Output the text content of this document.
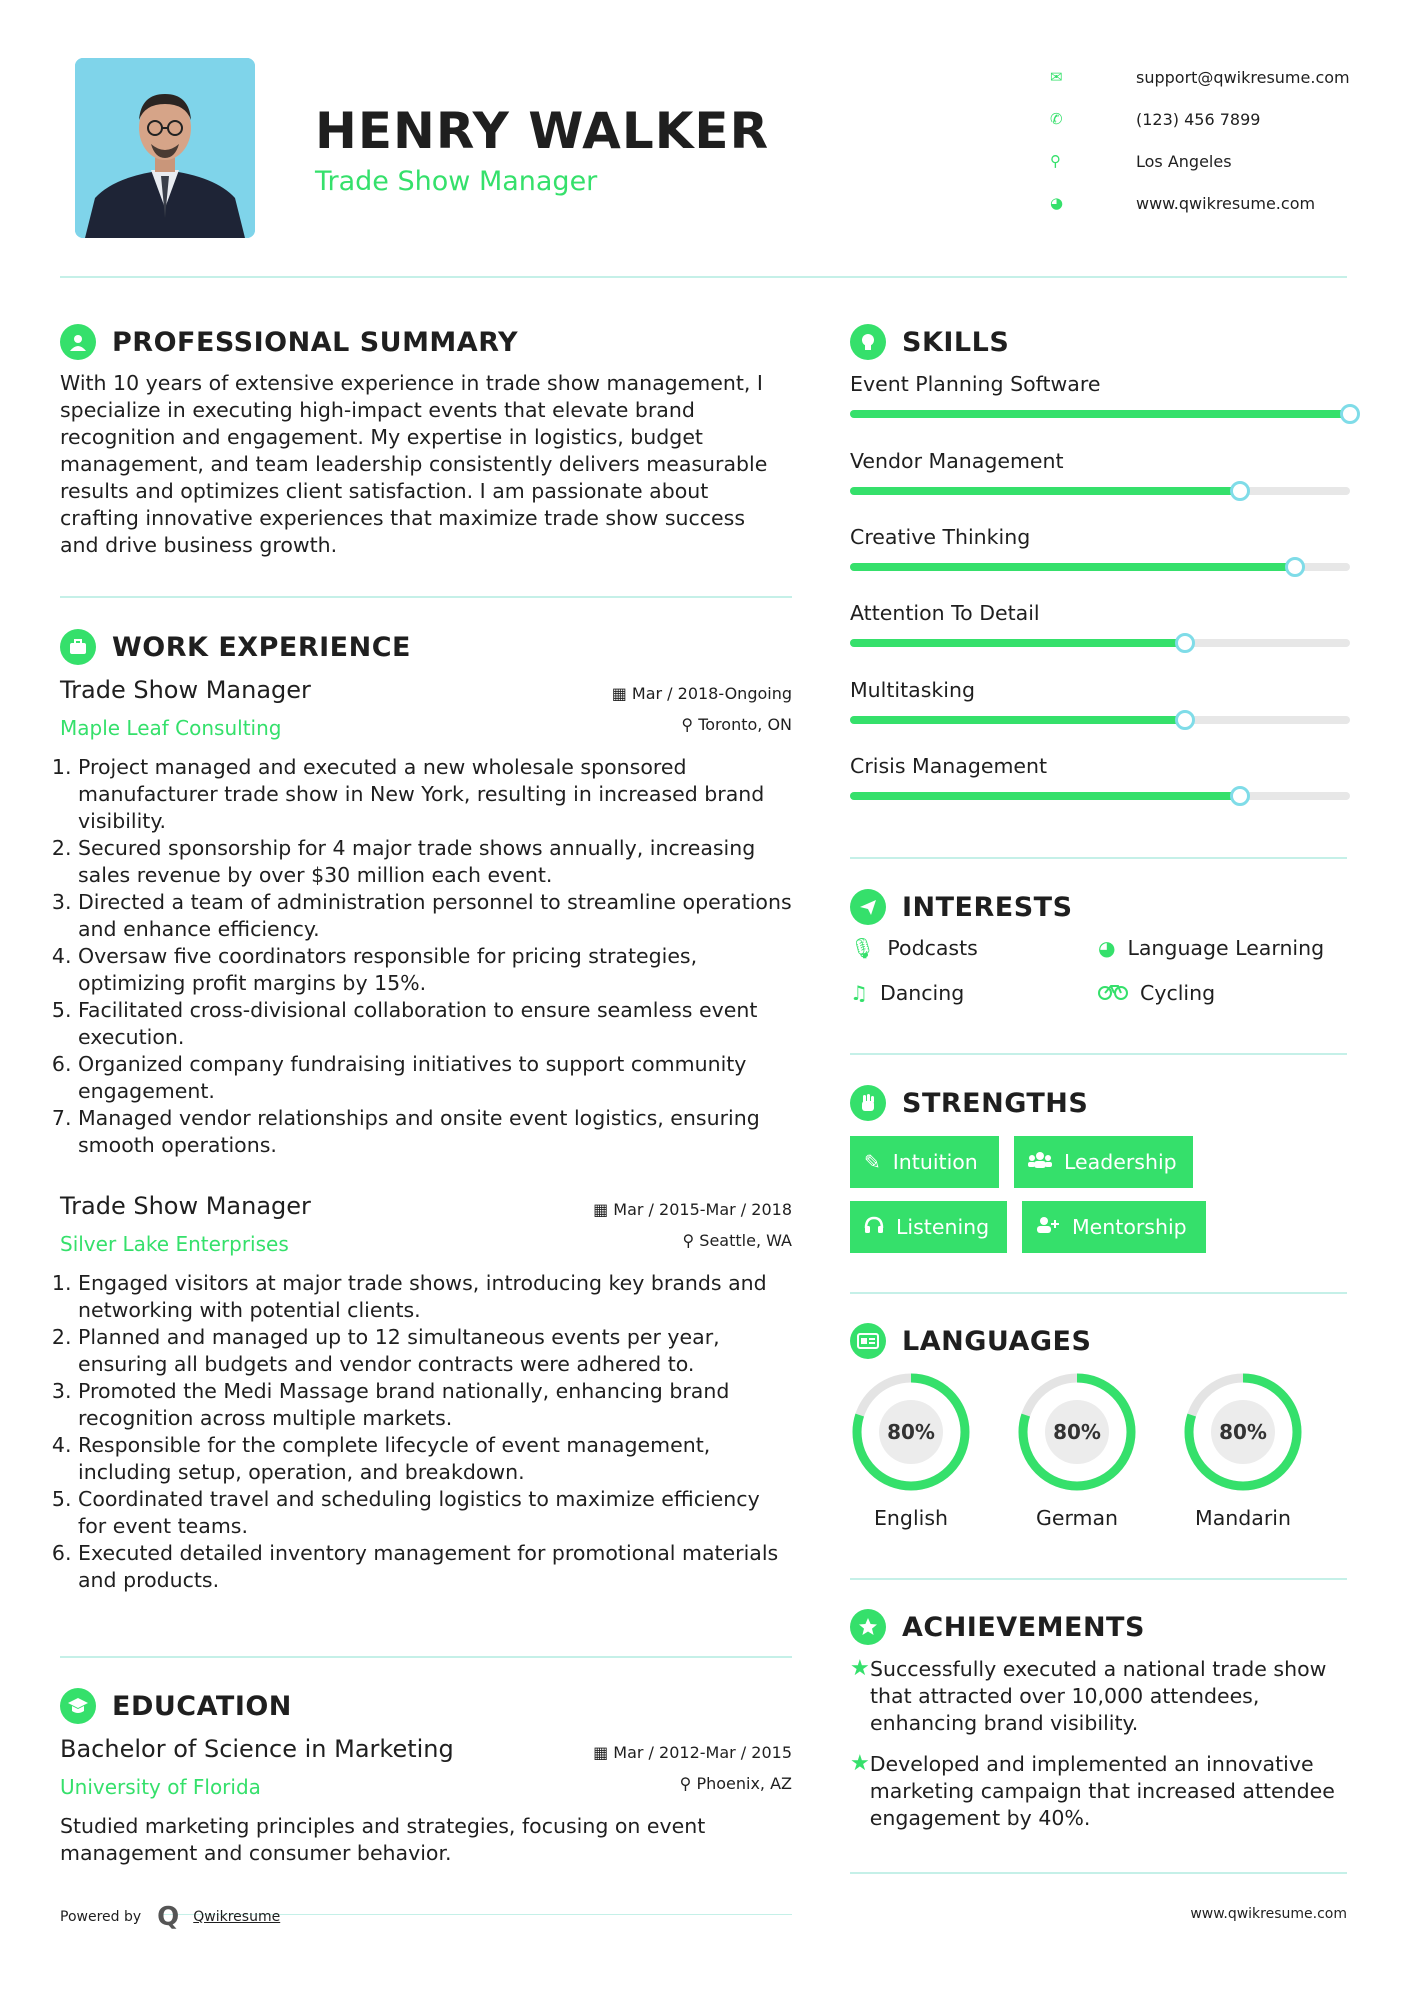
HENRY WALKER
Trade Show Manager
✉	support@qwikresume.com
✆	(123) 456 7899
⚲	Los Angeles
◕	www.qwikresume.com
PROFESSIONAL SUMMARY
With 10 years of extensive experience in trade show management, I specialize in executing high-impact events that elevate brand recognition and engagement. My expertise in logistics, budget management, and team leadership consistently delivers measurable results and optimizes client satisfaction. I am passionate about crafting innovative experiences that maximize trade show success and drive business growth.
WORK EXPERIENCE
Trade Show Manager
Maple Leaf Consulting
▦ Mar / 2018-Ongoing
⚲ Toronto, ON
1. Project managed and executed a new wholesale sponsored manufacturer trade show in New York, resulting in increased brand visibility.
2. Secured sponsorship for 4 major trade shows annually, increasing sales revenue by over $30 million each event.
3. Directed a team of administration personnel to streamline operations and enhance efficiency.
4. Oversaw five coordinators responsible for pricing strategies, optimizing profit margins by 15%.
5. Facilitated cross-divisional collaboration to ensure seamless event execution.
6. Organized company fundraising initiatives to support community engagement.
7. Managed vendor relationships and onsite event logistics, ensuring smooth operations.
Trade Show Manager
Silver Lake Enterprises
▦ Mar / 2015-Mar / 2018
⚲ Seattle, WA
1. Engaged visitors at major trade shows, introducing key brands and networking with potential clients.
2. Planned and managed up to 12 simultaneous events per year, ensuring all budgets and vendor contracts were adhered to.
3. Promoted the Medi Massage brand nationally, enhancing brand recognition across multiple markets.
4. Responsible for the complete lifecycle of event management, including setup, operation, and breakdown.
5. Coordinated travel and scheduling logistics to maximize efficiency for event teams.
6. Executed detailed inventory management for promotional materials and products.
EDUCATION
Bachelor of Science in Marketing
University of Florida
▦ Mar / 2012-Mar / 2015
⚲ Phoenix, AZ
Studied marketing principles and strategies, focusing on event management and consumer behavior.
Powered by Q Qwikresume	www.qwikresume.com
SKILLS
Event Planning Software
Vendor Management
Creative Thinking
Attention To Detail
Multitasking
Crisis Management
INTERESTS
🎙 Podcasts	◕ Language Learning
♫ Dancing	Cycling
STRENGTHS
✎ Intuition	Leadership
Listening	Mentorship
LANGUAGES
80%
English
80%
German
80%
Mandarin
ACHIEVEMENTS
★ Successfully executed a national trade show that attracted over 10,000 attendees, enhancing brand visibility.
★ Developed and implemented an innovative marketing campaign that increased attendee engagement by 40%.
